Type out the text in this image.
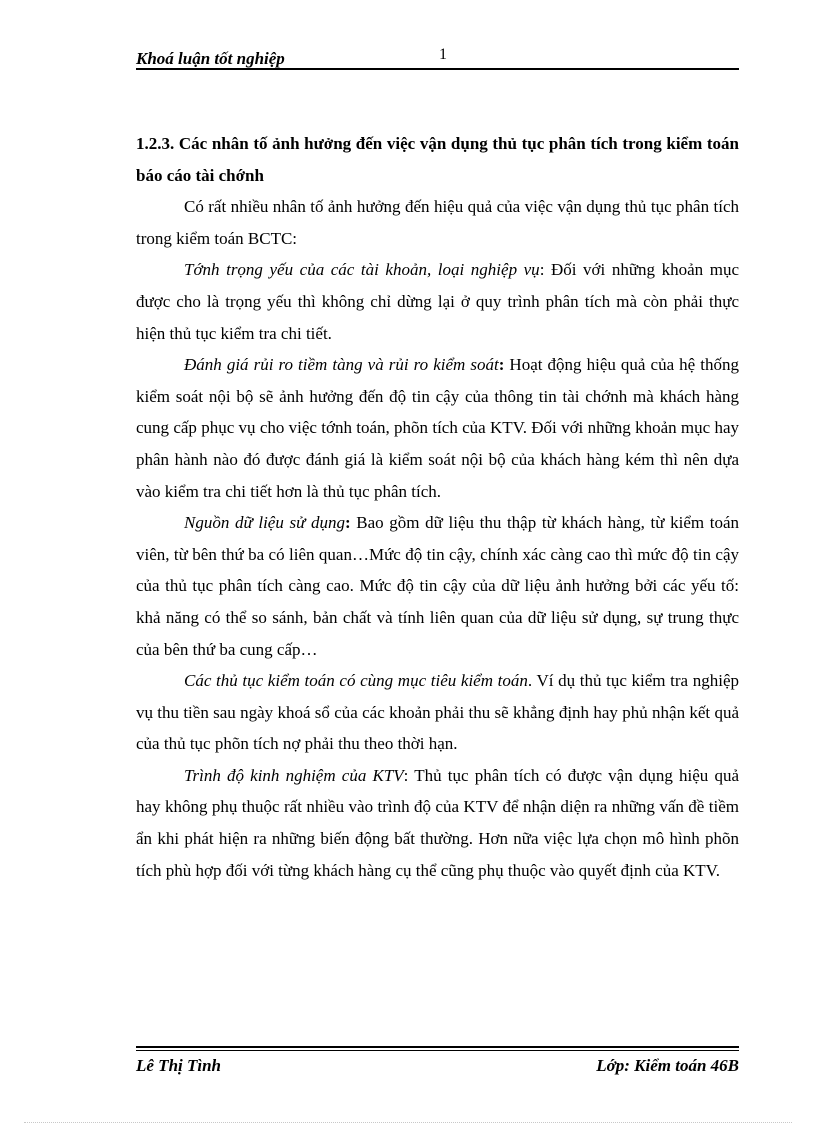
Khoá luận tốt nghiệp	1

1.2.3. Các nhân tố ảnh hưởng đến việc vận dụng thủ tục phân tích trong kiểm toán báo cáo tài chớnh

Có rất nhiều nhân tố ảnh hưởng đến hiệu quả của việc vận dụng thủ tục phân tích trong kiểm toán BCTC:

Tớnh trọng yếu của các tài khoản, loại nghiệp vụ: Đối với những khoản mục được cho là trọng yếu thì không chỉ dừng lại ở quy trình phân tích mà còn phải thực hiện thủ tục kiểm tra chi tiết.

Đánh giá rủi ro tiềm tàng và rủi ro kiểm soát: Hoạt động hiệu quả của hệ thống kiểm soát nội bộ sẽ ảnh hưởng đến độ tin cậy của thông tin tài chớnh mà khách hàng cung cấp phục vụ cho việc tớnh toán, phõn tích của KTV. Đối với những khoản mục hay phân hành nào đó được đánh giá là kiểm soát nội bộ của khách hàng kém thì nên dựa vào kiểm tra chi tiết hơn là thủ tục phân tích.

Nguồn dữ liệu sử dụng: Bao gồm dữ liệu thu thập từ khách hàng, từ kiểm toán viên, từ bên thứ ba có liên quan…Mức độ tin cậy, chính xác càng cao thì mức độ tin cậy của thủ tục phân tích càng cao. Mức độ tin cậy của dữ liệu ảnh hưởng bởi các yếu tố: khả năng có thể so sánh, bản chất và tính liên quan của dữ liệu sử dụng, sự trung thực của bên thứ ba cung cấp…

Các thủ tục kiểm toán có cùng mục tiêu kiểm toán. Ví dụ thủ tục kiểm tra nghiệp vụ thu tiền sau ngày khoá sổ của các khoản phải thu sẽ khẳng định hay phủ nhận kết quả của thủ tục phõn tích nợ phải thu theo thời hạn.

Trình độ kinh nghiệm của KTV: Thủ tục phân tích có được vận dụng hiệu quả hay không phụ thuộc rất nhiều vào trình độ của KTV để nhận diện ra những vấn đề tiềm ẩn khi phát hiện ra những biến động bất thường. Hơn nữa việc lựa chọn mô hình phõn tích phù hợp đối với từng khách hàng cụ thể cũng phụ thuộc vào quyết định của KTV.

Lê Thị Tình	Lớp: Kiểm toán 46B
